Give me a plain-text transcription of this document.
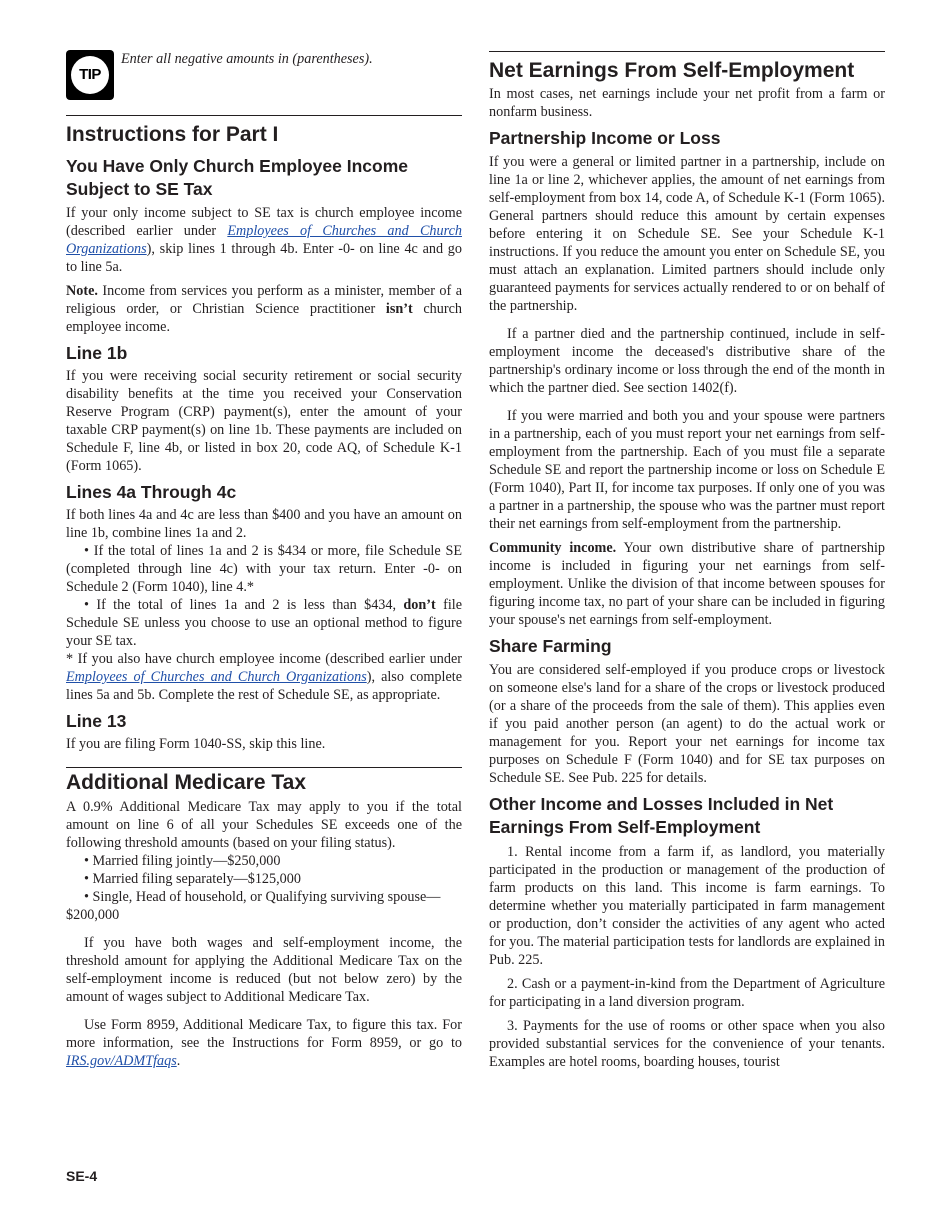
TIP
Enter all negative amounts in (parentheses).
Instructions for Part I
You Have Only Church Employee Income Subject to SE Tax

If your only income subject to SE tax is church employee income (described earlier under Employees of Churches and Church Organizations), skip lines 1 through 4b. Enter -0- on line 4c and go to line 5a.

Note. Income from services you perform as a minister, member of a religious order, or Christian Science practitioner isn’t church employee income.

Line 1b

If you were receiving social security retirement or social security disability benefits at the time you received your Conservation Reserve Program (CRP) payment(s), enter the amount of your taxable CRP payment(s) on line 1b. These payments are included on Schedule F, line 4b, or listed in box 20, code AQ, of Schedule K-1 (Form 1065).

Lines 4a Through 4c

If both lines 4a and 4c are less than $400 and you have an amount on line 1b, combine lines 1a and 2.

• If the total of lines 1a and 2 is $434 or more, file Schedule SE (completed through line 4c) with your tax return. Enter -0- on Schedule 2 (Form 1040), line 4.*

• If the total of lines 1a and 2 is less than $434, don’t file Schedule SE unless you choose to use an optional method to figure your SE tax.

* If you also have church employee income (described earlier under Employees of Churches and Church Organizations), also complete lines 5a and 5b. Complete the rest of Schedule SE, as appropriate.

Line 13

If you are filing Form 1040-SS, skip this line.

Additional Medicare Tax

A 0.9% Additional Medicare Tax may apply to you if the total amount on line 6 of all your Schedules SE exceeds one of the following threshold amounts (based on your filing status).

• Married filing jointly—$250,000

• Married filing separately—$125,000

• Single, Head of household, or Qualifying surviving spouse—$200,000

If you have both wages and self-employment income, the threshold amount for applying the Additional Medicare Tax on the self-employment income is reduced (but not below zero) by the amount of wages subject to Additional Medicare Tax.

Use Form 8959, Additional Medicare Tax, to figure this tax. For more information, see the Instructions for Form 8959, or go to IRS.gov/ADMTfaqs.

Net Earnings From Self-Employment

In most cases, net earnings include your net profit from a farm or nonfarm business.

Partnership Income or Loss

If you were a general or limited partner in a partnership, include on line 1a or line 2, whichever applies, the amount of net earnings from self-employment from box 14, code A, of Schedule K-1 (Form 1065). General partners should reduce this amount by certain expenses before entering it on Schedule SE. See your Schedule K-1 instructions. If you reduce the amount you enter on Schedule SE, you must attach an explanation. Limited partners should include only guaranteed payments for services actually rendered to or on behalf of the partnership.

If a partner died and the partnership continued, include in self-employment income the deceased's distributive share of the partnership's ordinary income or loss through the end of the month in which the partner died. See section 1402(f).

If you were married and both you and your spouse were partners in a partnership, each of you must report your net earnings from self-employment from the partnership. Each of you must file a separate Schedule SE and report the partnership income or loss on Schedule E (Form 1040), Part II, for income tax purposes. If only one of you was a partner in a partnership, the spouse who was the partner must report their net earnings from self-employment from the partnership.

Community income. Your own distributive share of partnership income is included in figuring your net earnings from self-employment. Unlike the division of that income between spouses for figuring income tax, no part of your share can be included in figuring your spouse's net earnings from self-employment.

Share Farming

You are considered self-employed if you produce crops or livestock on someone else's land for a share of the crops or livestock produced (or a share of the proceeds from the sale of them). This applies even if you paid another person (an agent) to do the actual work or management for you. Report your net earnings for income tax purposes on Schedule F (Form 1040) and for SE tax purposes on Schedule SE. See Pub. 225 for details.

Other Income and Losses Included in Net Earnings From Self-Employment

1. Rental income from a farm if, as landlord, you materially participated in the production or management of the production of farm products on this land. This income is farm earnings. To determine whether you materially participated in farm management or production, don’t consider the activities of any agent who acted for you. The material participation tests for landlords are explained in Pub. 225.

2. Cash or a payment-in-kind from the Department of Agriculture for participating in a land diversion program.

3. Payments for the use of rooms or other space when you also provided substantial services for the convenience of your tenants. Examples are hotel rooms, boarding houses, tourist

SE-4
